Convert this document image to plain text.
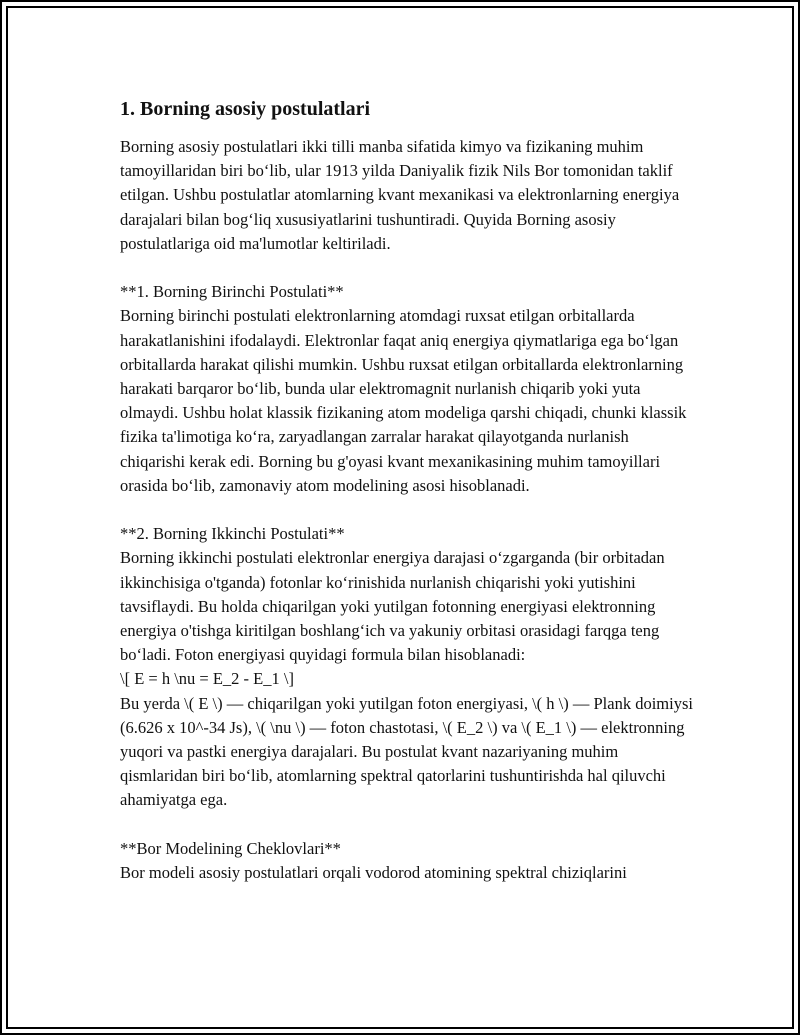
1. Borning asosiy postulatlari

Borning asosiy postulatlari ikki tilli manba sifatida kimyo va fizikaning muhim tamoyillaridan biri bo‘lib, ular 1913 yilda Daniyalik fizik Nils Bor tomonidan taklif etilgan. Ushbu postulatlar atomlarning kvant mexanikasi va elektronlarning energiya darajalari bilan bog‘liq xususiyatlarini tushuntiradi. Quyida Borning asosiy postulatlariga oid ma'lumotlar keltiriladi.

**1. Borning Birinchi Postulati**

Borning birinchi postulati elektronlarning atomdagi ruxsat etilgan orbitallarda harakatlanishini ifodalaydi. Elektronlar faqat aniq energiya qiymatlariga ega bo‘lgan orbitallarda harakat qilishi mumkin. Ushbu ruxsat etilgan orbitallarda elektronlarning harakati barqaror bo‘lib, bunda ular elektromagnit nurlanish chiqarib yoki yuta olmaydi. Ushbu holat klassik fizikaning atom modeliga qarshi chiqadi, chunki klassik fizika ta'limotiga ko‘ra, zaryadlangan zarralar harakat qilayotganda nurlanish chiqarishi kerak edi. Borning bu g'oyasi kvant mexanikasining muhim tamoyillari orasida bo‘lib, zamonaviy atom modelining asosi hisoblanadi.

**2. Borning Ikkinchi Postulati**

Borning ikkinchi postulati elektronlar energiya darajasi o‘zgarganda (bir orbitadan ikkinchisiga o'tganda) fotonlar ko‘rinishida nurlanish chiqarishi yoki yutishini tavsiflaydi. Bu holda chiqarilgan yoki yutilgan fotonning energiyasi elektronning energiya o'tishga kiritilgan boshlang‘ich va yakuniy orbitasi orasidagi farqga teng bo‘ladi. Foton energiyasi quyidagi formula bilan hisoblanadi:

\[ E = h \nu = E_2 - E_1 \]

Bu yerda \( E \) — chiqarilgan yoki yutilgan foton energiyasi, \( h \) — Plank doimiysi (6.626 x 10^-34 Js), \( \nu \) — foton chastotasi, \( E_2 \) va \( E_1 \) — elektronning yuqori va pastki energiya darajalari. Bu postulat kvant nazariyaning muhim qismlaridan biri bo‘lib, atomlarning spektral qatorlarini tushuntirishda hal qiluvchi ahamiyatga ega.

**Bor Modelining Cheklovlari**

Bor modeli asosiy postulatlari orqali vodorod atomining spektral chiziqlarini
